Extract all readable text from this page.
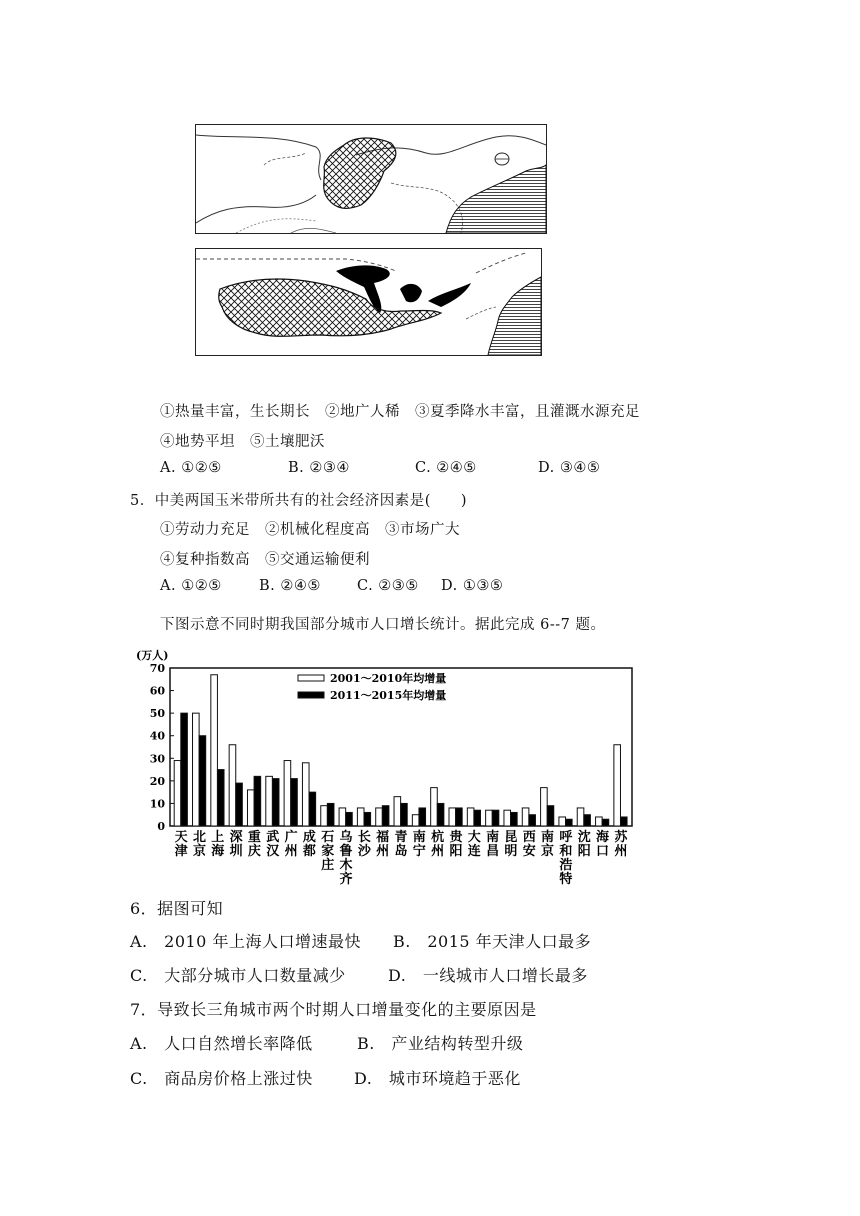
①热量丰富，生长期长　②地广人稀　③夏季降水丰富，且灌溉水源充足
④地势平坦　⑤土壤肥沃
A. ①②⑤	B. ②③④	C. ②④⑤	D. ③④⑤
5．中美两国玉米带所共有的社会经济因素是(　　)
①劳动力充足　②机械化程度高　③市场广大
④复种指数高　⑤交通运输便利
A. ①②⑤	B. ②④⑤ C. ②③⑤ D. ①③⑤
下图示意不同时期我国部分城市人口增长统计。据此完成 6--7 题。
(万人)
0
10
20
30
40
50
60
70
天
津
北
京
上
海
深
圳
重
庆
武
汉
广
州
成
都
石
家
庄
乌
鲁
木
齐
长
沙
福
州
青
岛
南
宁
杭
州
贵
阳
大
连
南
昌
昆
明
西
安
南
京
呼
和
浩
特
沈
阳
海
口
苏
州
2001～2010年均增量
2011～2015年均增量
6．据图可知
A.　2010 年上海人口增速最快 B.　2015 年天津人口最多
C.　大部分城市人口数量减少	D.　一线城市人口增长最多
7．导致长三角城市两个时期人口增量变化的主要原因是
A.　人口自然增长率降低	B.　产业结构转型升级
C.　商品房价格上涨过快	D.　城市环境趋于恶化
